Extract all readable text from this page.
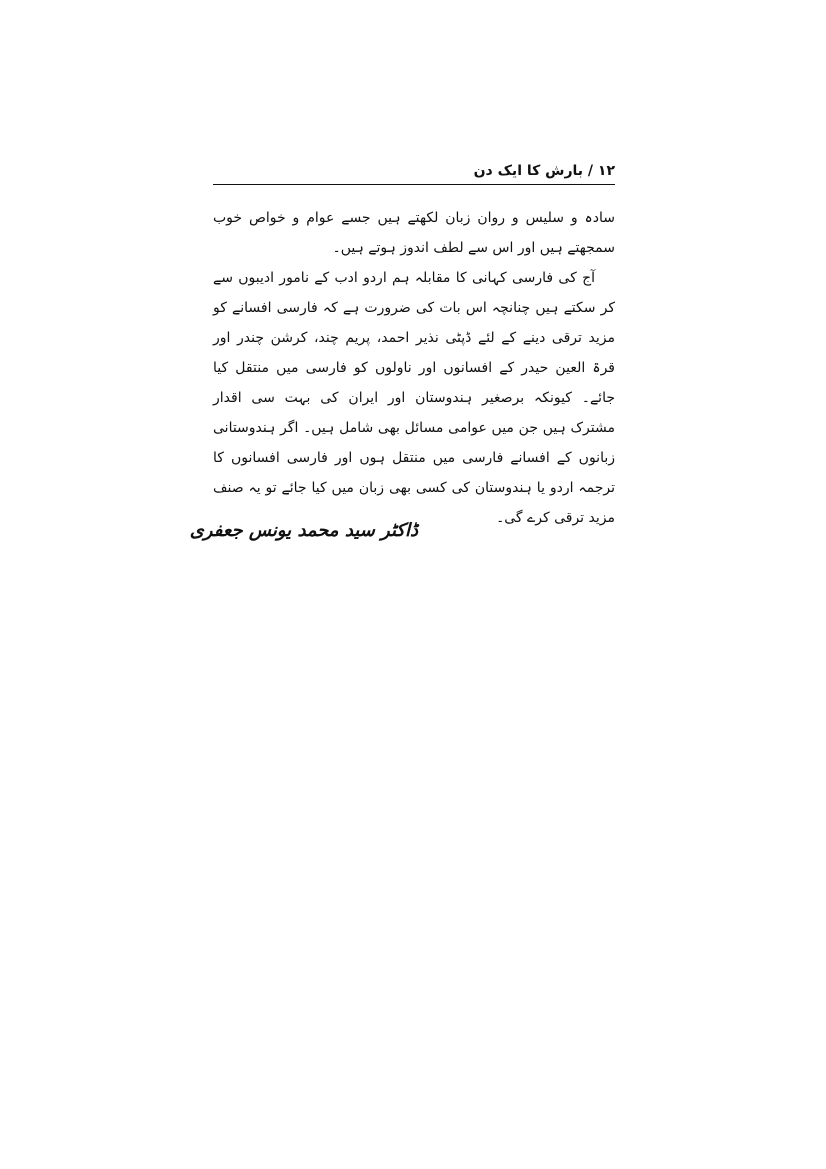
۱۲ / بارش کا ایک دن

سادہ و سلیس و روان زبان لکھتے ہیں جسے عوام و خواص خوب سمجھتے ہیں اور اس سے لطف اندوز ہوتے ہیں۔

آج کی فارسی کہانی کا مقابلہ ہم اردو ادب کے نامور ادیبوں سے کر سکتے ہیں چنانچہ اس بات کی ضرورت ہے کہ فارسی افسانے کو مزید ترقی دینے کے لئے ڈپٹی نذیر احمد، پریم چند، کرشن چندر اور قرۃ العین حیدر کے افسانوں اور ناولوں کو فارسی میں منتقل کیا جائے۔ کیونکہ برصغیر ہندوستان اور ایران کی بہت سی اقدار مشترک ہیں جن میں عوامی مسائل بھی شامل ہیں۔ اگر ہندوستانی زبانوں کے افسانے فارسی میں منتقل ہوں اور فارسی افسانوں کا ترجمہ اردو یا ہندوستان کی کسی بھی زبان میں کیا جائے تو یہ صنف مزید ترقی کرے گی۔

ڈاکٹر سید محمد یونس جعفری
